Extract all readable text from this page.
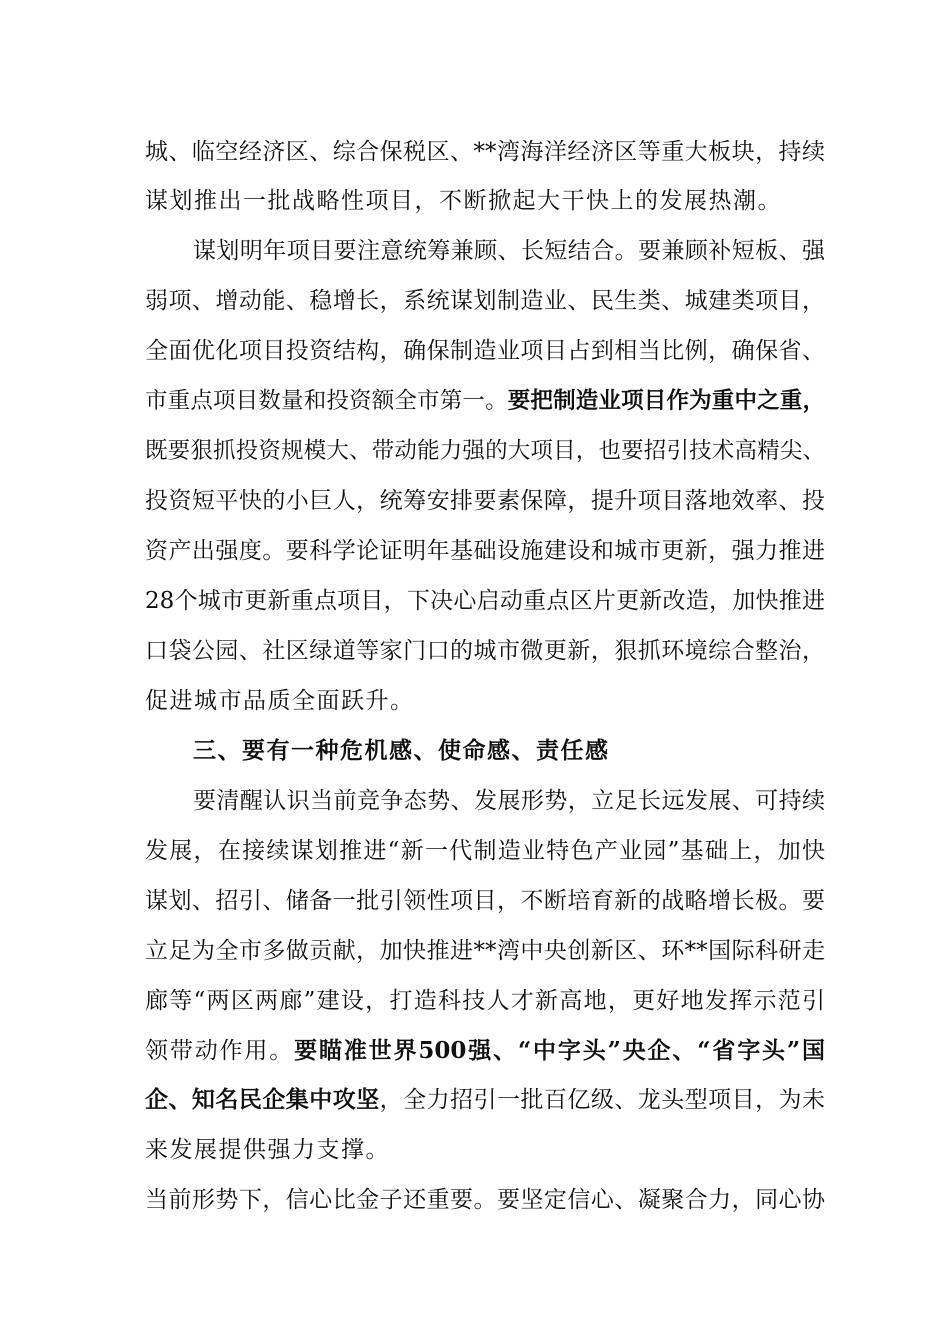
城、临空经济区、综合保税区、**湾海洋经济区等重大板块，持续
谋划推出一批战略性项目，不断掀起大干快上的发展热潮。
谋划明年项目要注意统筹兼顾、长短结合。要兼顾补短板、强
弱项、增动能、稳增长，系统谋划制造业、民生类、城建类项目，
全面优化项目投资结构，确保制造业项目占到相当比例，确保省、
市重点项目数量和投资额全市第一。要把制造业项目作为重中之重，
既要狠抓投资规模大、带动能力强的大项目，也要招引技术高精尖、
投资短平快的小巨人，统筹安排要素保障，提升项目落地效率、投
资产出强度。要科学论证明年基础设施建设和城市更新，强力推进
28个城市更新重点项目，下决心启动重点区片更新改造，加快推进
口袋公园、社区绿道等家门口的城市微更新，狠抓环境综合整治，
促进城市品质全面跃升。
三、要有一种危机感、使命感、责任感
要清醒认识当前竞争态势、发展形势，立足长远发展、可持续
发展，在接续谋划推进“新一代制造业特色产业园”基础上，加快
谋划、招引、储备一批引领性项目，不断培育新的战略增长极。要
立足为全市多做贡献，加快推进**湾中央创新区、环**国际科研走
廊等“两区两廊”建设，打造科技人才新高地，更好地发挥示范引
领带动作用。要瞄准世界500强、“中字头”央企、“省字头”国
企、知名民企集中攻坚，全力招引一批百亿级、龙头型项目，为未
来发展提供强力支撑。
当前形势下，信心比金子还重要。要坚定信心、凝聚合力，同心协
